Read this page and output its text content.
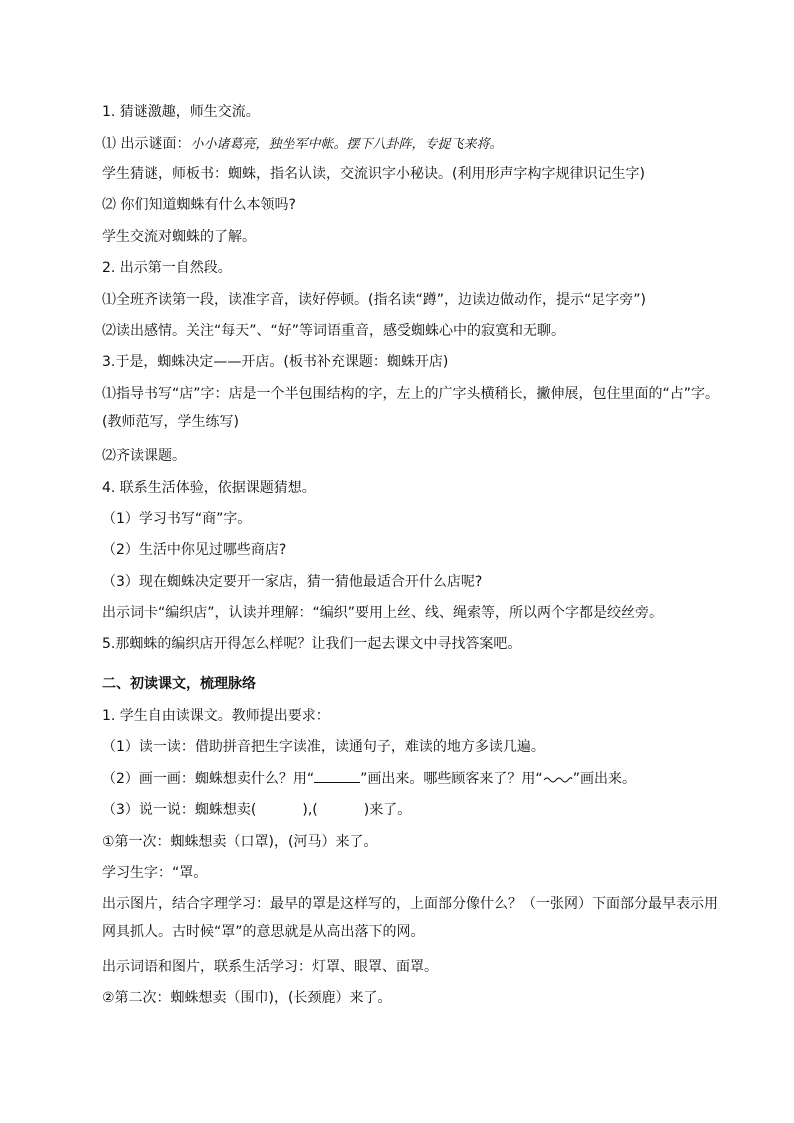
1. 猜谜激趣，师生交流。
⑴ 出示谜面：小小诸葛亮，独坐军中帐。摆下八卦阵，专捉飞来将。
学生猜谜，师板书：蜘蛛，指名认读，交流识字小秘诀。(利用形声字构字规律识记生字)
⑵ 你们知道蜘蛛有什么本领吗?
学生交流对蜘蛛的了解。
2. 出示第一自然段。
⑴全班齐读第一段，读准字音，读好停顿。(指名读“蹲”，边读边做动作，提示“足字旁”)
⑵读出感情。关注“每天”、“好”等词语重音，感受蜘蛛心中的寂寞和无聊。
3.于是，蜘蛛决定——开店。(板书补充课题：蜘蛛开店)
⑴指导书写“店”字：店是一个半包围结构的字，左上的广字头横稍长，撇伸展，包住里面的“占”字。(教师范写，学生练写)
⑵齐读课题。
4. 联系生活体验，依据课题猜想。
（1）学习书写“商”字。
（2）生活中你见过哪些商店?
（3）现在蜘蛛决定要开一家店，猜一猜他最适合开什么店呢?
出示词卡“编织店”，认读并理解：“编织”要用上丝、线、绳索等，所以两个字都是绞丝旁。
5.那蜘蛛的编织店开得怎么样呢？让我们一起去课文中寻找答案吧。
二、初读课文，梳理脉络
1. 学生自由读课文。教师提出要求：
（1）读一读：借助拼音把生字读准，读通句子，难读的地方多读几遍。
（2）画一画：蜘蛛想卖什么？用“	”画出来。哪些顾客来了？用“ ”画出来。
（3）说一说：蜘蛛想卖(	),(	)来了。
①第一次：蜘蛛想卖（口罩)，(河马）来了。
学习生字：“罩。
出示图片，结合字理学习：最早的罩是这样写的，上面部分像什么？（一张网）下面部分最早表示用网具抓人。古时候“罩”的意思就是从高出落下的网。
出示词语和图片，联系生活学习：灯罩、眼罩、面罩。
②第二次：蜘蛛想卖（围巾)，(长颈鹿）来了。
